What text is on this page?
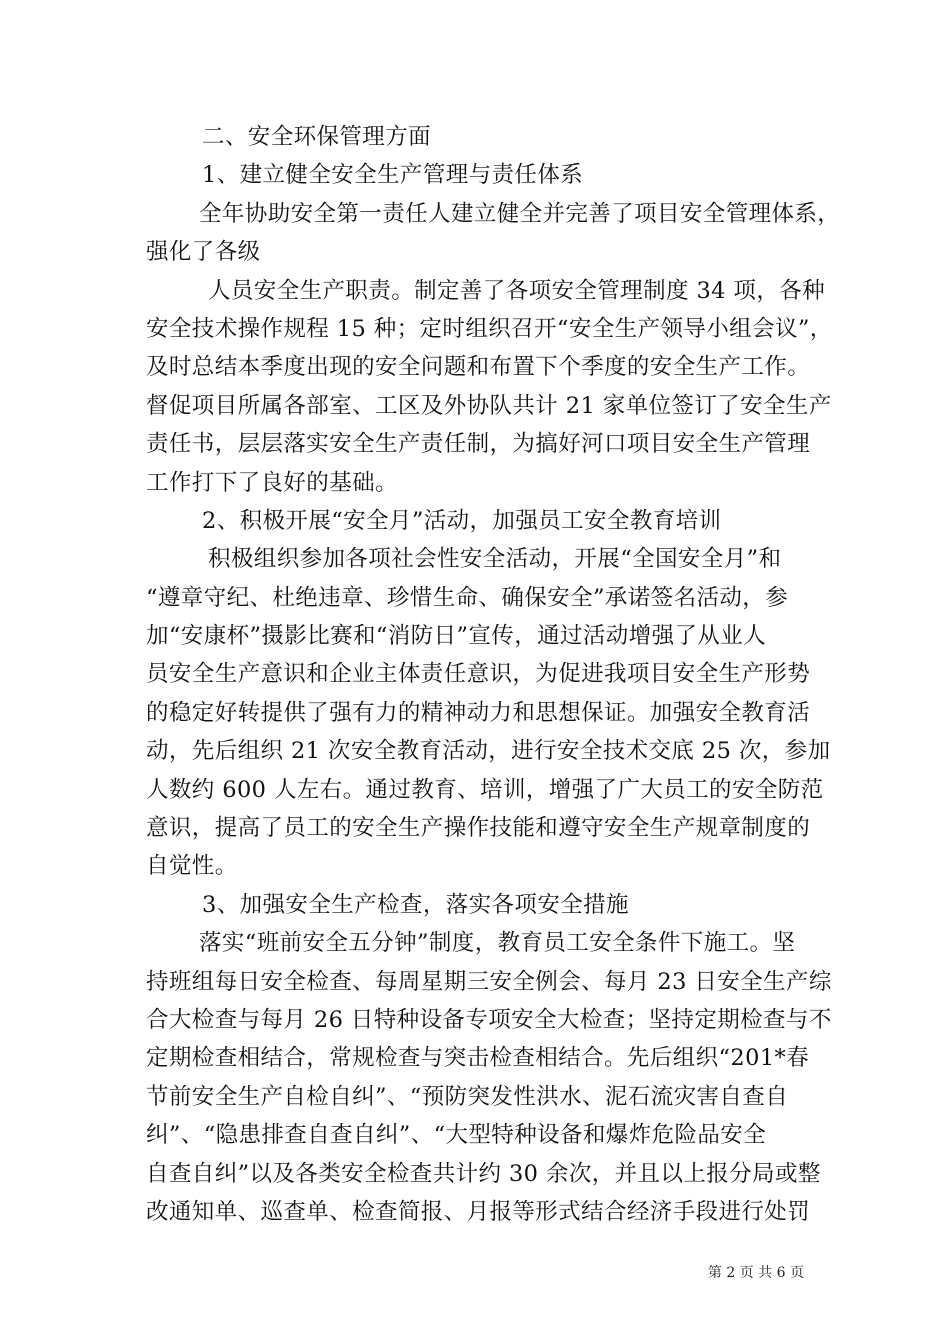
二、安全环保管理方面
1、建立健全安全生产管理与责任体系
全年协助安全第一责任人建立健全并完善了项目安全管理体系，
强化了各级
人员安全生产职责。制定善了各项安全管理制度 34 项，各种
安全技术操作规程 15 种；定时组织召开“安全生产领导小组会议”，
及时总结本季度出现的安全问题和布置下个季度的安全生产工作。
督促项目所属各部室、工区及外协队共计 21 家单位签订了安全生产
责任书，层层落实安全生产责任制，为搞好河口项目安全生产管理
工作打下了良好的基础。
2、积极开展“安全月”活动，加强员工安全教育培训
积极组织参加各项社会性安全活动，开展“全国安全月”和
“遵章守纪、杜绝违章、珍惜生命、确保安全”承诺签名活动，参
加“安康杯”摄影比赛和“消防日”宣传，通过活动增强了从业人
员安全生产意识和企业主体责任意识，为促进我项目安全生产形势
的稳定好转提供了强有力的精神动力和思想保证。加强安全教育活
动，先后组织 21 次安全教育活动，进行安全技术交底 25 次，参加
人数约 600 人左右。通过教育、培训，增强了广大员工的安全防范
意识，提高了员工的安全生产操作技能和遵守安全生产规章制度的
自觉性。
3、加强安全生产检查，落实各项安全措施
落实“班前安全五分钟”制度，教育员工安全条件下施工。坚
持班组每日安全检查、每周星期三安全例会、每月 23 日安全生产综
合大检查与每月 26 日特种设备专项安全大检查；坚持定期检查与不
定期检查相结合，常规检查与突击检查相结合。先后组织“201*春
节前安全生产自检自纠”、“预防突发性洪水、泥石流灾害自查自
纠”、“隐患排查自查自纠”、“大型特种设备和爆炸危险品安全
自查自纠”以及各类安全检查共计约 30 余次，并且以上报分局或整
改通知单、巡查单、检查简报、月报等形式结合经济手段进行处罚
第 2 页 共 6 页
